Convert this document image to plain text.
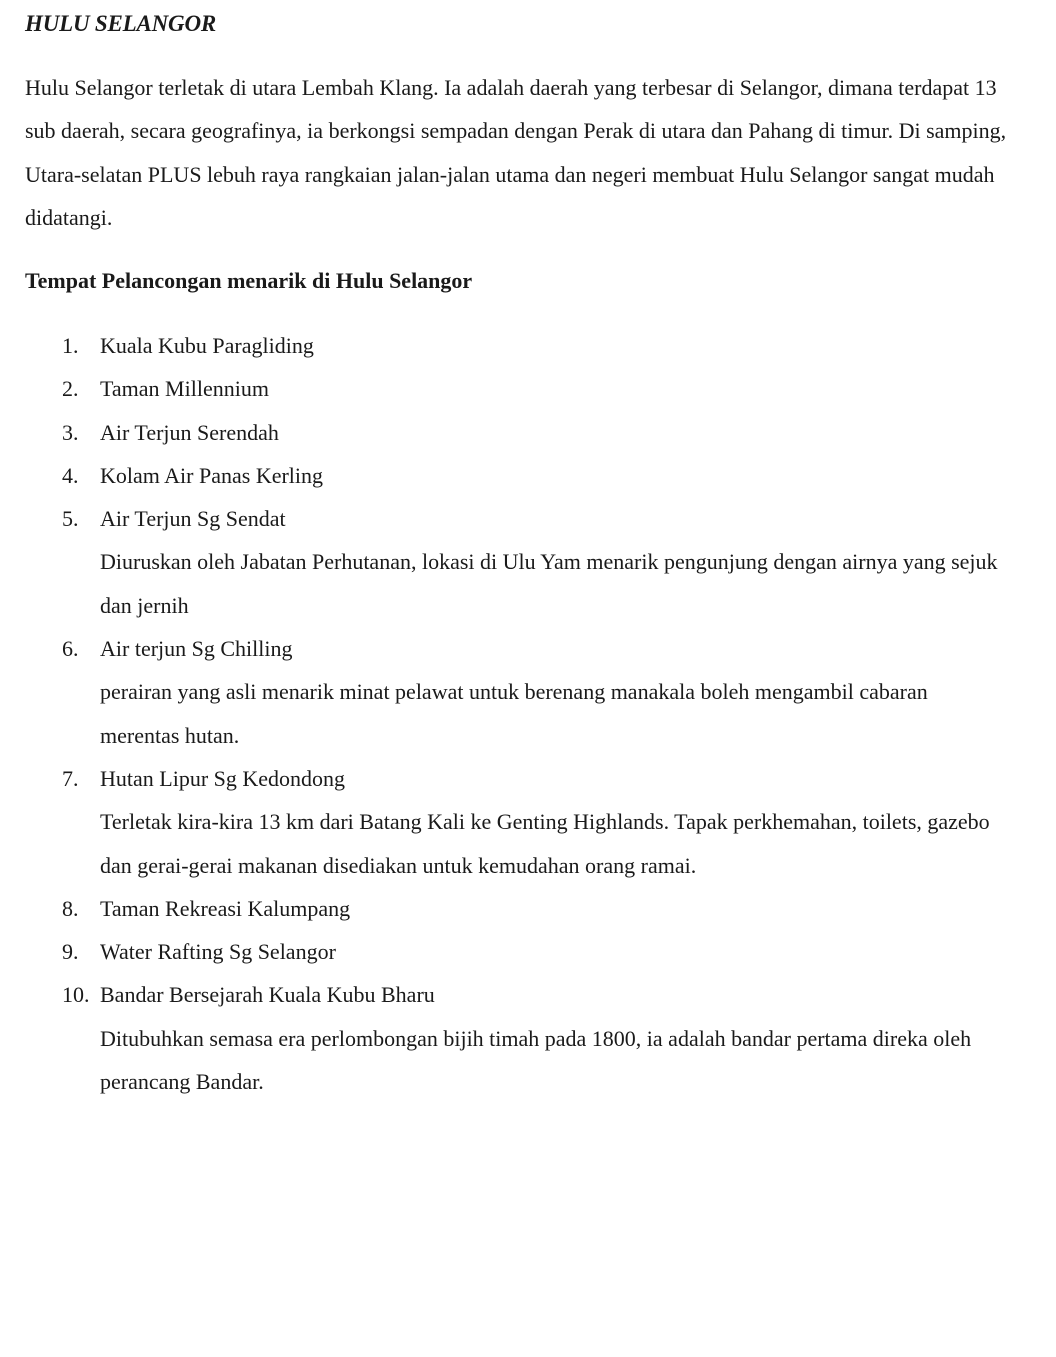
HULU SELANGOR

Hulu Selangor terletak di utara Lembah Klang. Ia adalah daerah yang terbesar di Selangor, dimana terdapat 13 sub daerah, secara geografinya, ia berkongsi sempadan dengan Perak di utara dan Pahang di timur. Di samping, Utara-selatan PLUS lebuh raya rangkaian jalan-jalan utama dan negeri membuat Hulu Selangor sangat mudah didatangi.

Tempat Pelancongan menarik di Hulu Selangor
1. Kuala Kubu Paragliding
2. Taman Millennium
3. Air Terjun Serendah
4. Kolam Air Panas Kerling
5. Air Terjun Sg Sendat
Diuruskan oleh Jabatan Perhutanan, lokasi di Ulu Yam menarik pengunjung dengan airnya yang sejuk dan jernih
6. Air terjun Sg Chilling
perairan yang asli menarik minat pelawat untuk berenang manakala boleh mengambil cabaran merentas hutan.
7. Hutan Lipur Sg Kedondong
Terletak kira-kira 13 km dari Batang Kali ke Genting Highlands. Tapak perkhemahan, toilets, gazebo dan gerai-gerai makanan disediakan untuk kemudahan orang ramai.
8. Taman Rekreasi Kalumpang
9. Water Rafting Sg Selangor
10. Bandar Bersejarah Kuala Kubu Bharu
Ditubuhkan semasa era perlombongan bijih timah pada 1800, ia adalah bandar pertama direka oleh perancang Bandar.
